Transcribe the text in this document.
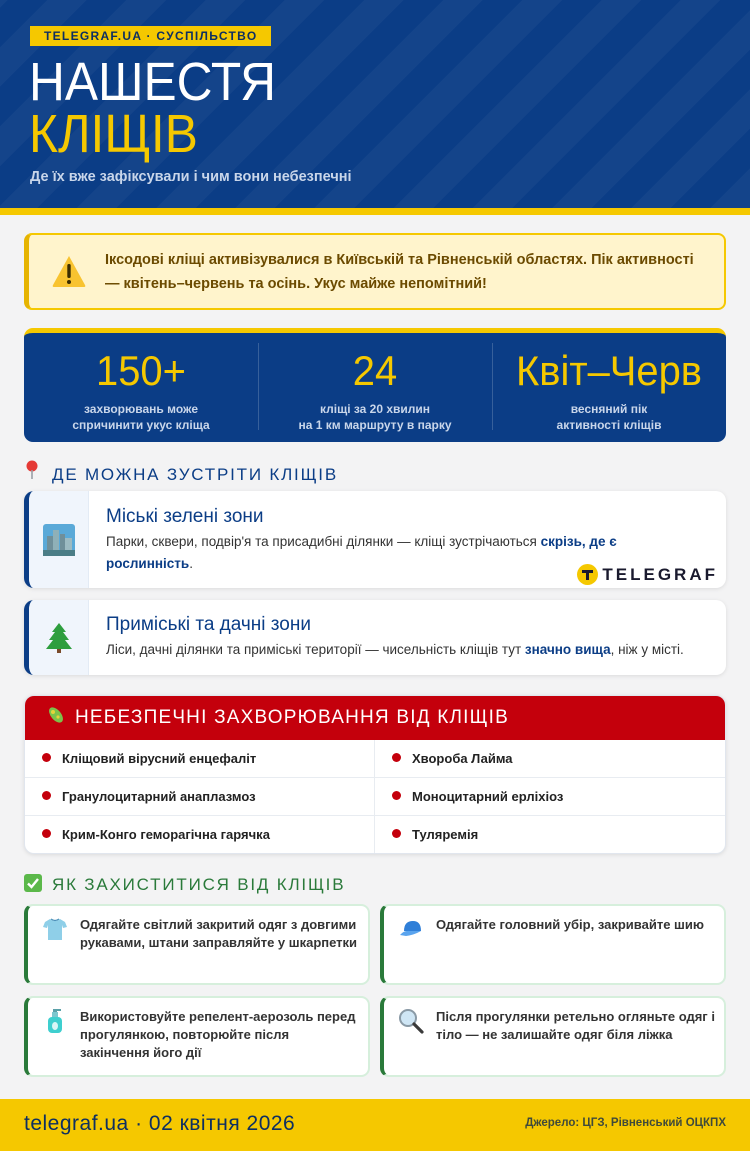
TELEGRAF.UA · СУСПІЛЬСТВО
НАШЕСТЯ
КЛІЩІВ
Де їх вже зафіксували і чим вони небезпечні
Іксодові кліщі активізувалися в Київській та Рівненській областях. Пік активності — квітень–червень та осінь. Укус майже непомітний!
150+
захворювань може
спричинити укус кліща
24
кліщі за 20 хвилин
на 1 км маршруту в парку
Квіт–Черв
весняний пік
активності кліщів
ДЕ МОЖНА ЗУСТРІТИ КЛІЩІВ
Міські зелені зони
Парки, сквери, подвір'я та присадибні ділянки — кліщі зустрічаються скрізь, де є рослинність.
TELEGRAF
Приміські та дачні зони
Ліси, дачні ділянки та приміські території — чисельність кліщів тут значно вища, ніж у місті.
НЕБЕЗПЕЧНІ ЗАХВОРЮВАННЯ ВІД КЛІЩІВ
Кліщовий вірусний енцефаліт	Хвороба Лайма
Гранулоцитарний анаплазмоз	Моноцитарний ерліхіоз
Крим-Конго геморагічна гарячка	Туляремія
ЯК ЗАХИСТИТИСЯ ВІД КЛІЩІВ
Одягайте світлий закритий одяг з довгими рукавами, штани заправляйте у шкарпетки
Одягайте головний убір, закривайте шию
Використовуйте репелент-аерозоль перед прогулянкою, повторюйте після закінчення його дії
Після прогулянки ретельно огляньте одяг і тіло — не залишайте одяг біля ліжка
telegraf.ua · 02 квітня 2026	Джерело: ЦГЗ, Рівненський ОЦКПХ
